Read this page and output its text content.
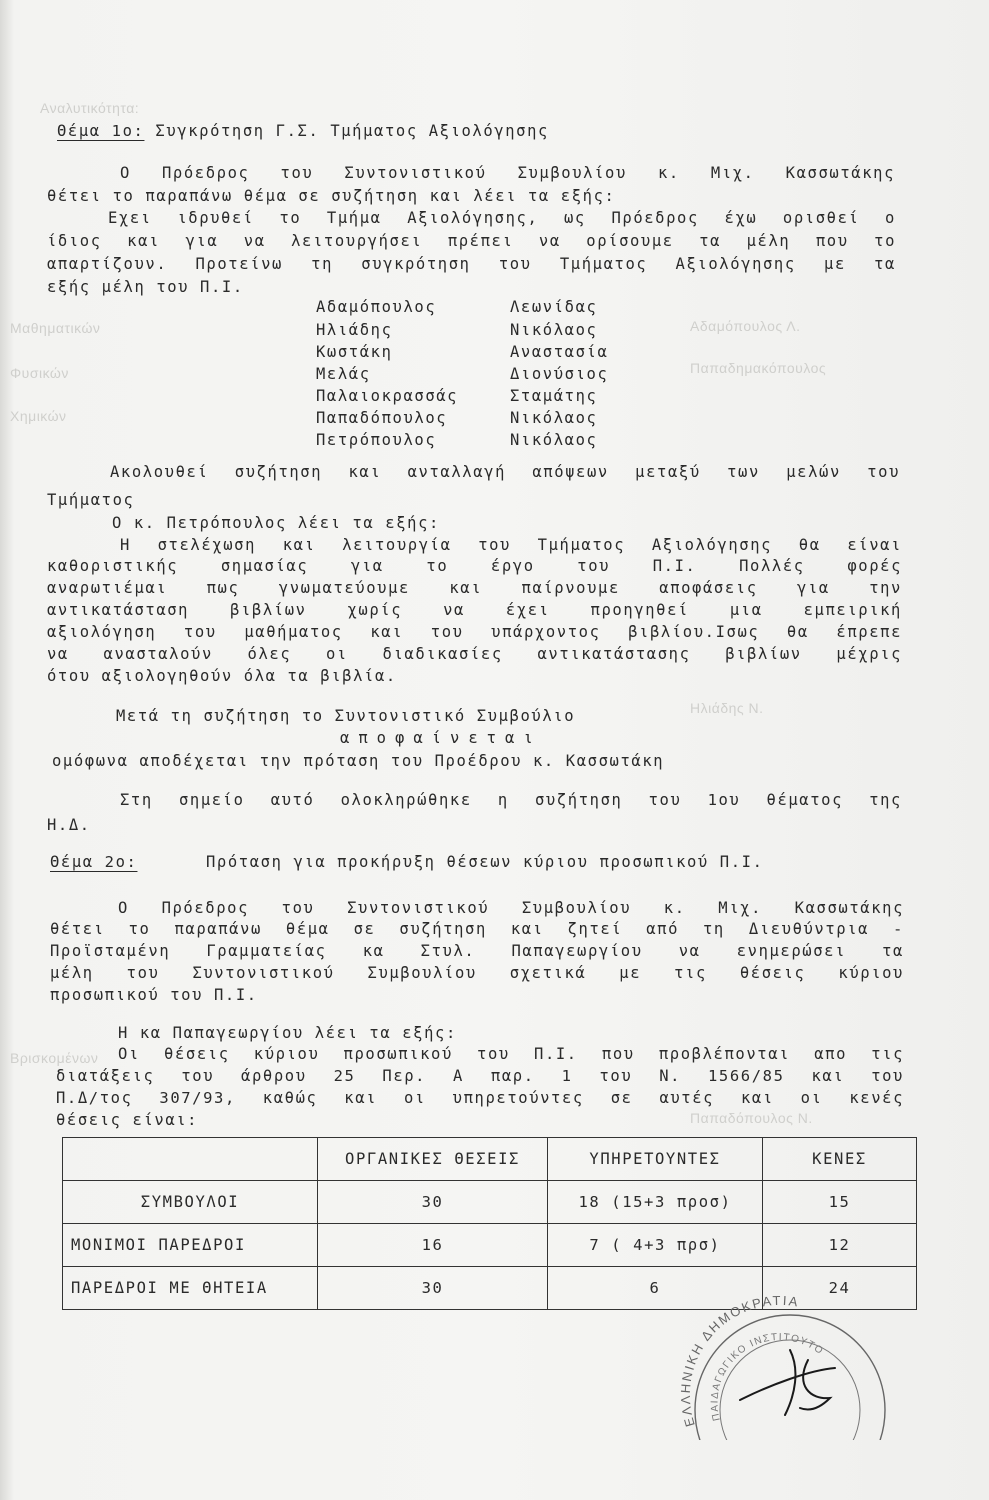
Αναλυτικότητα:
Μαθηματικών
Φυσικών
Χημικών
Αδαμόπουλος Λ.
Παπαδημακόπουλος
Ηλιάδης Ν.
Βρισκομένων
Παπαδόπουλος Ν.
Θέμα 1ο: Συγκρότηση Γ.Σ. Τμήματος Αξιολόγησης
Ο Πρόεδρος του Συντονιστικού Συμβουλίου κ. Μιχ. Κασσωτάκης
θέτει το παραπάνω θέμα σε συζήτηση και λέει τα εξής:
Εχει ιδρυθεί το Τμήμα Αξιολόγησης, ως Πρόεδρος έχω ορισθεί ο
ίδιος και για να λειτουργήσει πρέπει να ορίσουμε τα μέλη που το
απαρτίζουν. Προτείνω τη συγκρότηση του Τμήματος Αξιολόγησης με τα
εξής μέλη του Π.Ι.
Αδαμόπουλος	Λεωνίδας
Ηλιάδης	Νικόλαος
Κωστάκη	Αναστασία
Μελάς	Διονύσιος
Παλαιοκρασσάς	Σταμάτης
Παπαδόπουλος	Νικόλαος
Πετρόπουλος	Νικόλαος
Ακολουθεί συζήτηση και ανταλλαγή απόψεων μεταξύ των μελών του
Τμήματος
Ο κ. Πετρόπουλος λέει τα εξής:
Η στελέχωση και λειτουργία του Τμήματος Αξιολόγησης θα είναι
καθοριστικής σημασίας για το έργο του Π.Ι. Πολλές φορές
αναρωτιέμαι πως γνωματεύουμε και παίρνουμε αποφάσεις για την
αντικατάσταση βιβλίων χωρίς να έχει προηγηθεί μια εμπειρική
αξιολόγηση του μαθήματος και του υπάρχοντος βιβλίου.Ισως θα έπρεπε
να ανασταλούν όλες οι διαδικασίες αντικατάστασης βιβλίων μέχρις
ότου αξιολογηθούν όλα τα βιβλία.
Μετά τη συζήτηση το Συντονιστικό Συμβούλιο
αποφαίνεται
ομόφωνα αποδέχεται την πρόταση του Προέδρου κ. Κασσωτάκη
Στη σημείο αυτό ολοκληρώθηκε η συζήτηση του 1ου θέματος της
Η.Δ.
Θέμα 2ο:	Πρόταση για προκήρυξη θέσεων κύριου προσωπικού Π.Ι.
Ο Πρόεδρος του Συντονιστικού Συμβουλίου κ. Μιχ. Κασσωτάκης
θέτει το παραπάνω θέμα σε συζήτηση και ζητεί από τη Διευθύντρια -
Προϊσταμένη Γραμματείας κα Στυλ. Παπαγεωργίου να ενημερώσει τα
μέλη του Συντονιστικού Συμβουλίου σχετικά με τις θέσεις κύριου
προσωπικού του Π.Ι.
Η κα Παπαγεωργίου λέει τα εξής:
Οι θέσεις κύριου προσωπικού του Π.Ι. που προβλέπονται απο τις
διατάξεις του άρθρου 25 Περ. Α παρ. 1 του Ν. 1566/85 και του
Π.Δ/τος 307/93, καθώς και οι υπηρετούντες σε αυτές και οι κενές
θέσεις είναι:
	ΟΡΓΑΝΙΚΕΣ ΘΕΣΕΙΣ	ΥΠΗΡΕΤΟΥΝΤΕΣ	ΚΕΝΕΣ
ΣΥΜΒΟΥΛΟΙ	30	18 (15+3 προσ)	15
ΜΟΝΙΜΟΙ ΠΑΡΕΔΡΟΙ	16	7 ( 4+3 πρσ)	12
ΠΑΡΕΔΡΟΙ ΜΕ ΘΗΤΕΙΑ	30	6	24
ΕΛΛΗΝΙΚΗ ΔΗΜΟΚΡΑΤΙΑ
ΠΑΙΔΑΓΩΓΙΚΟ ΙΝΣΤΙΤΟΥΤΟ
